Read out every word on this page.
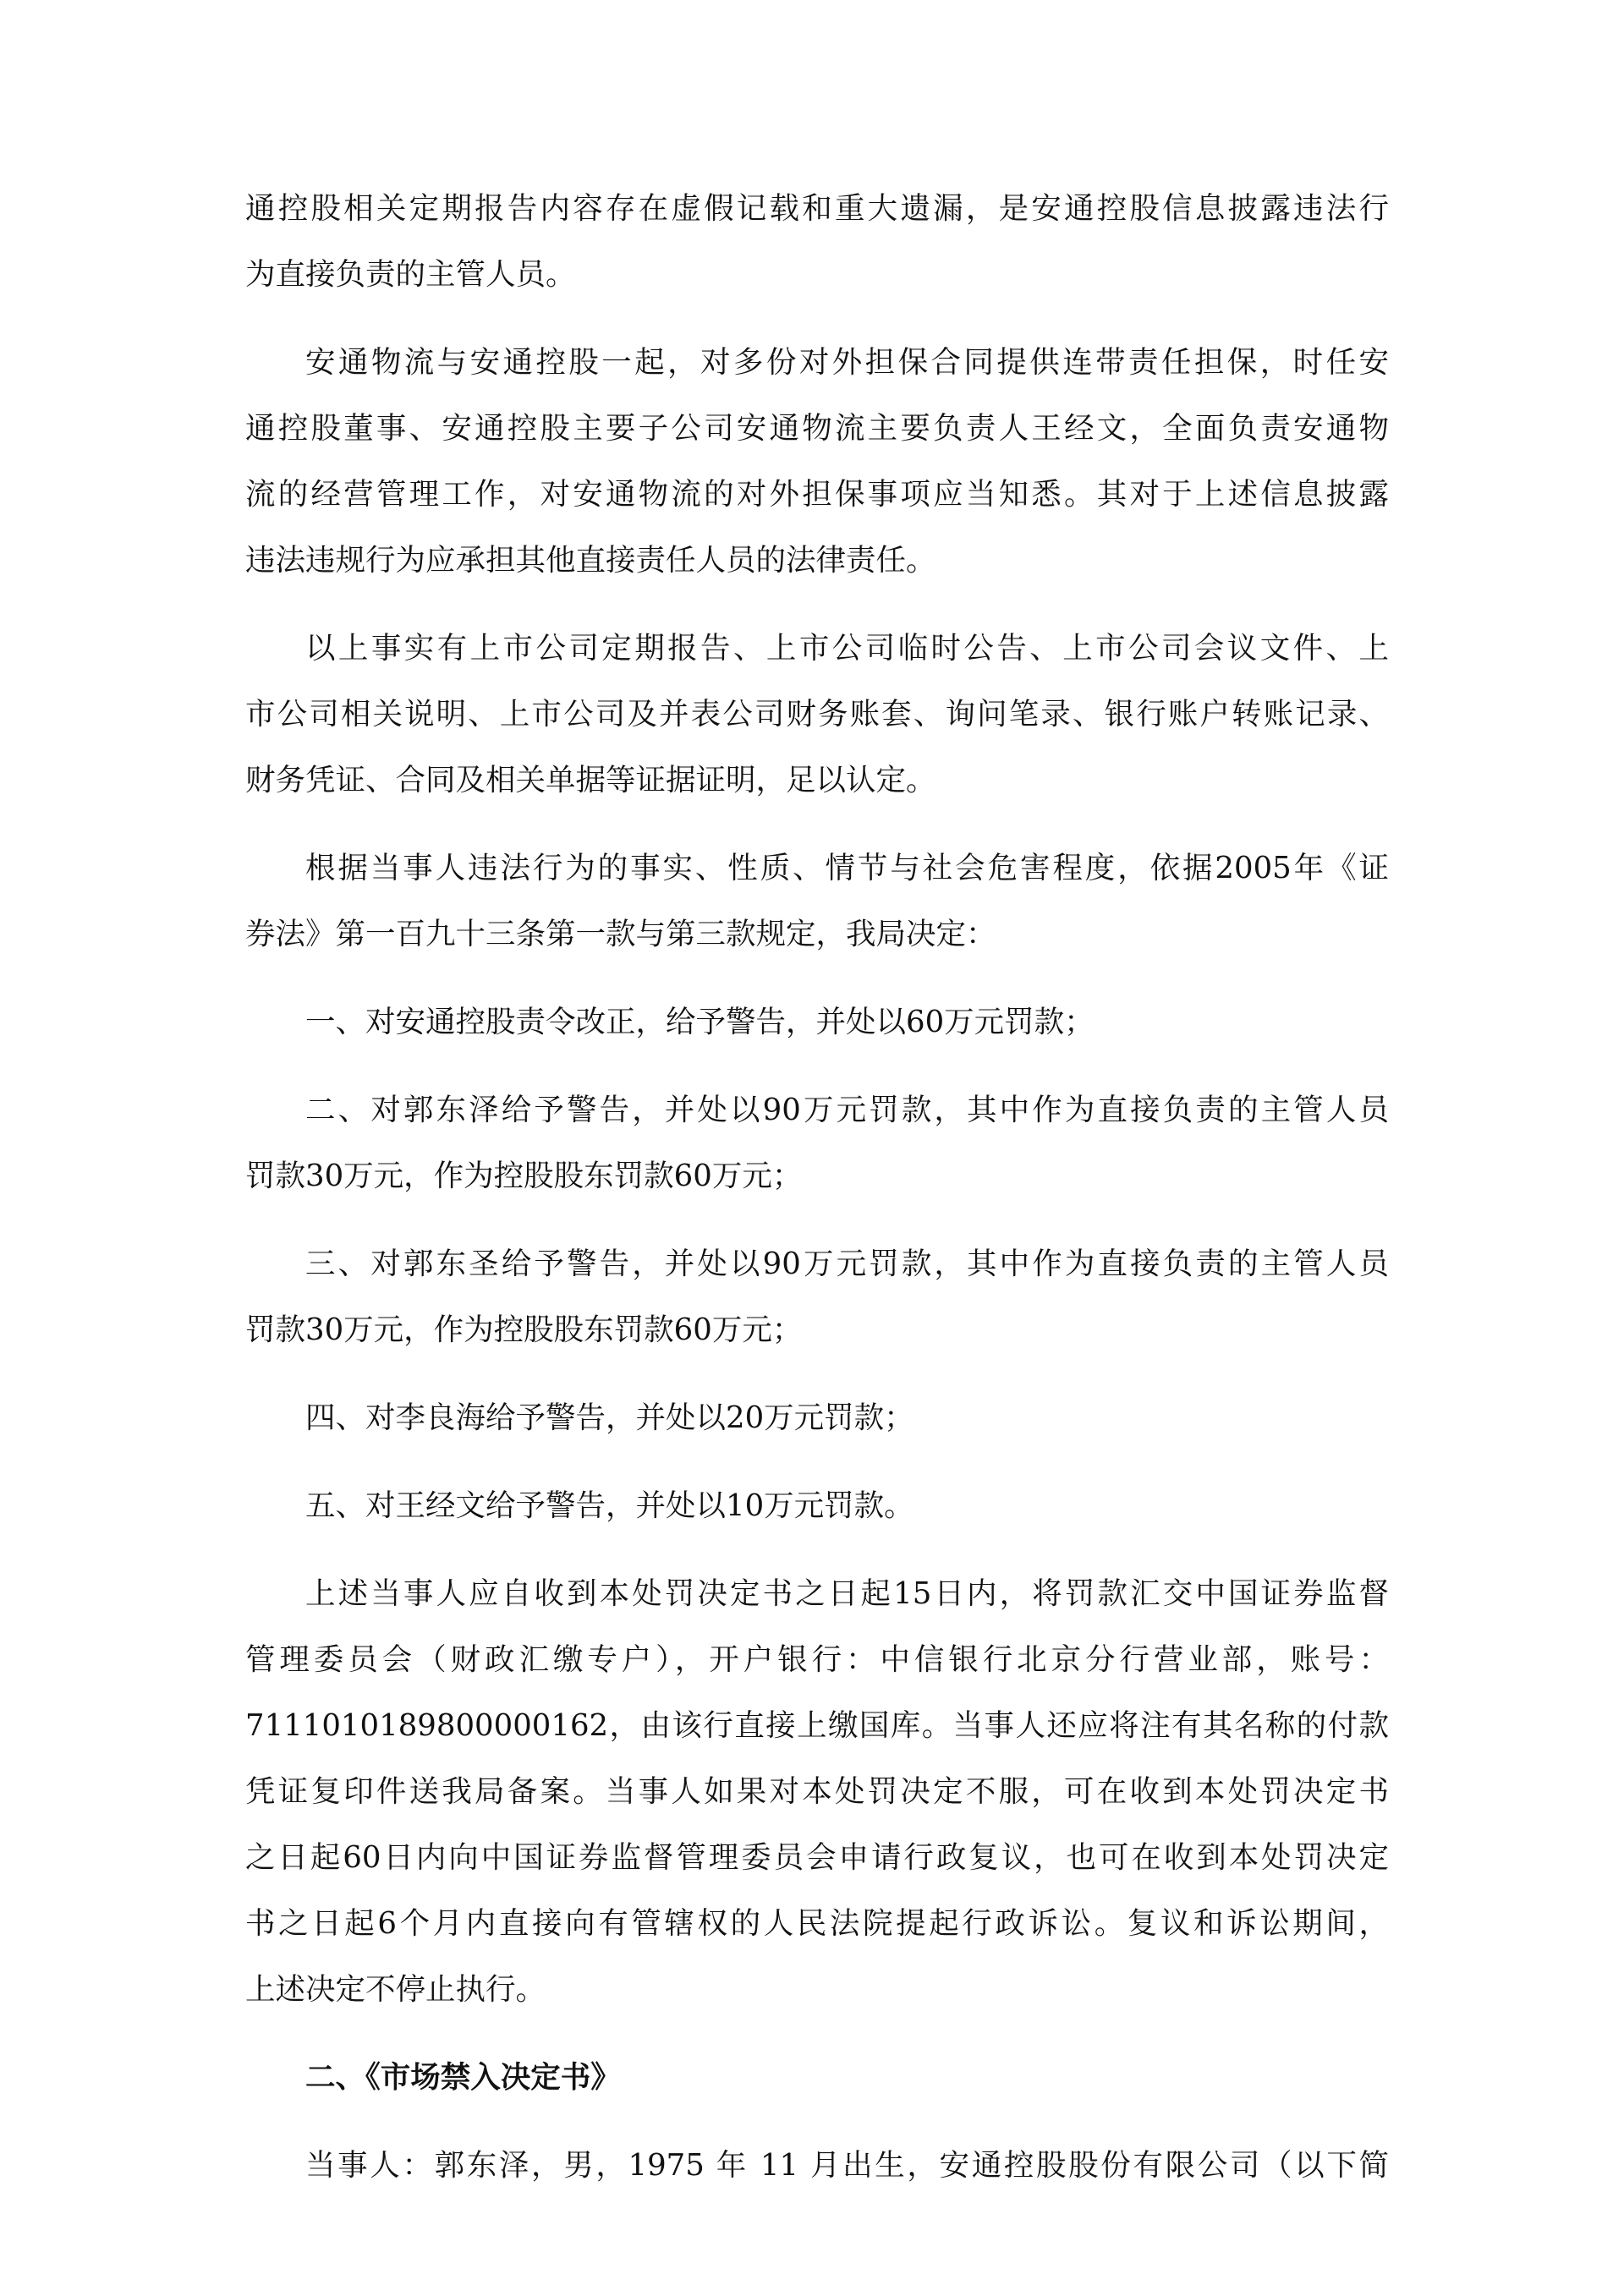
通控股相关定期报告内容存在虚假记载和重大遗漏，是安通控股信息披露违法行
为直接负责的主管人员。

安通物流与安通控股一起，对多份对外担保合同提供连带责任担保，时任安
通控股董事、安通控股主要子公司安通物流主要负责人王经文，全面负责安通物
流的经营管理工作，对安通物流的对外担保事项应当知悉。其对于上述信息披露
违法违规行为应承担其他直接责任人员的法律责任。

以上事实有上市公司定期报告、上市公司临时公告、上市公司会议文件、上
市公司相关说明、上市公司及并表公司财务账套、询问笔录、银行账户转账记录、
财务凭证、合同及相关单据等证据证明，足以认定。

根据当事人违法行为的事实、性质、情节与社会危害程度，依据2005年《证
券法》第一百九十三条第一款与第三款规定，我局决定：

一、对安通控股责令改正，给予警告，并处以60万元罚款；

二、对郭东泽给予警告，并处以90万元罚款，其中作为直接负责的主管人员
罚款30万元，作为控股股东罚款60万元；

三、对郭东圣给予警告，并处以90万元罚款，其中作为直接负责的主管人员
罚款30万元，作为控股股东罚款60万元；

四、对李良海给予警告，并处以20万元罚款；

五、对王经文给予警告，并处以10万元罚款。

上述当事人应自收到本处罚决定书之日起15日内，将罚款汇交中国证券监督
管理委员会（财政汇缴专户），开户银行：中信银行北京分行营业部，账号：
7111010189800000162，由该行直接上缴国库。当事人还应将注有其名称的付款
凭证复印件送我局备案。当事人如果对本处罚决定不服，可在收到本处罚决定书
之日起60日内向中国证券监督管理委员会申请行政复议，也可在收到本处罚决定
书之日起6个月内直接向有管辖权的人民法院提起行政诉讼。复议和诉讼期间，
上述决定不停止执行。

二、《市场禁入决定书》

当事人：郭东泽，男，1975 年 11 月出生，安通控股股份有限公司（以下简
